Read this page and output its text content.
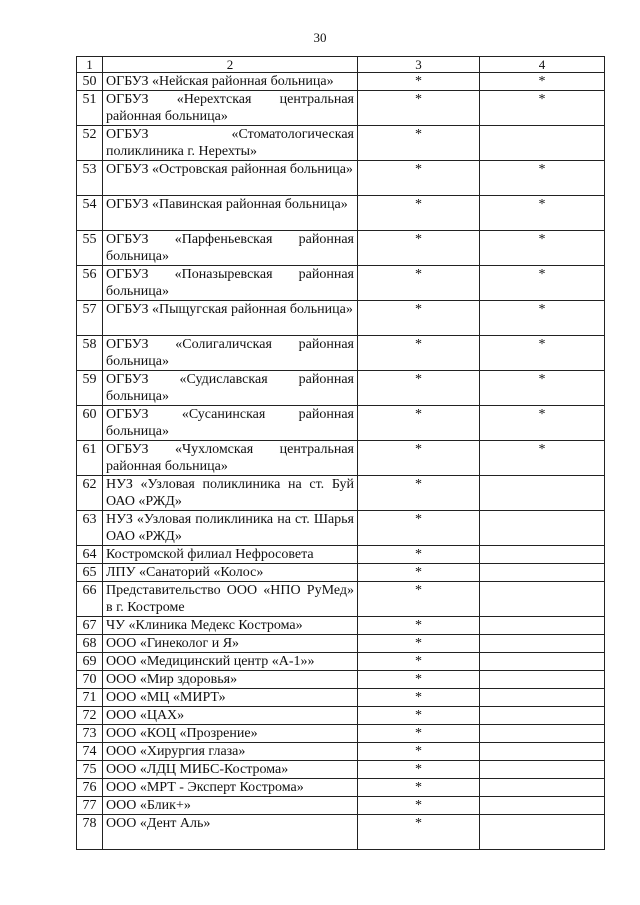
30
1	2	3	4
50	ОГБУЗ «Нейская районная больница»	*	*
51	ОГБУЗ «Нерехтская центральная районная больница»	*	*
52	ОГБУЗ «Стоматологическая поликлиника г. Нерехты»	*	
53	ОГБУЗ «Островская районная больница»	*	*
54	ОГБУЗ «Павинская районная больница»	*	*
55	ОГБУЗ «Парфеньевская районная больница»	*	*
56	ОГБУЗ «Поназыревская районная больница»	*	*
57	ОГБУЗ «Пыщугская районная больница»	*	*
58	ОГБУЗ «Солигаличская районная больница»	*	*
59	ОГБУЗ «Судиславская районная больница»	*	*
60	ОГБУЗ «Сусанинская районная больница»	*	*
61	ОГБУЗ «Чухломская центральная районная больница»	*	*
62	НУЗ «Узловая поликлиника на ст. Буй ОАО «РЖД»	*	
63	НУЗ «Узловая поликлиника на ст. Шарья ОАО «РЖД»	*	
64	Костромской филиал Нефросовета	*	
65	ЛПУ «Санаторий «Колос»	*	
66	Представительство ООО «НПО РуМед» в г. Костроме	*	
67	ЧУ «Клиника Медекс Кострома»	*	
68	ООО «Гинеколог и Я»	*	
69	ООО «Медицинский центр «А-1»»	*	
70	ООО «Мир здоровья»	*	
71	ООО «МЦ «МИРТ»	*	
72	ООО «ЦАХ»	*	
73	ООО «КОЦ «Прозрение»	*	
74	ООО «Хирургия глаза»	*	
75	ООО «ЛДЦ МИБС-Кострома»	*	
76	ООО «МРТ - Эксперт Кострома»	*	
77	ООО «Блик+»	*	
78	ООО «Дент Аль»	*	
